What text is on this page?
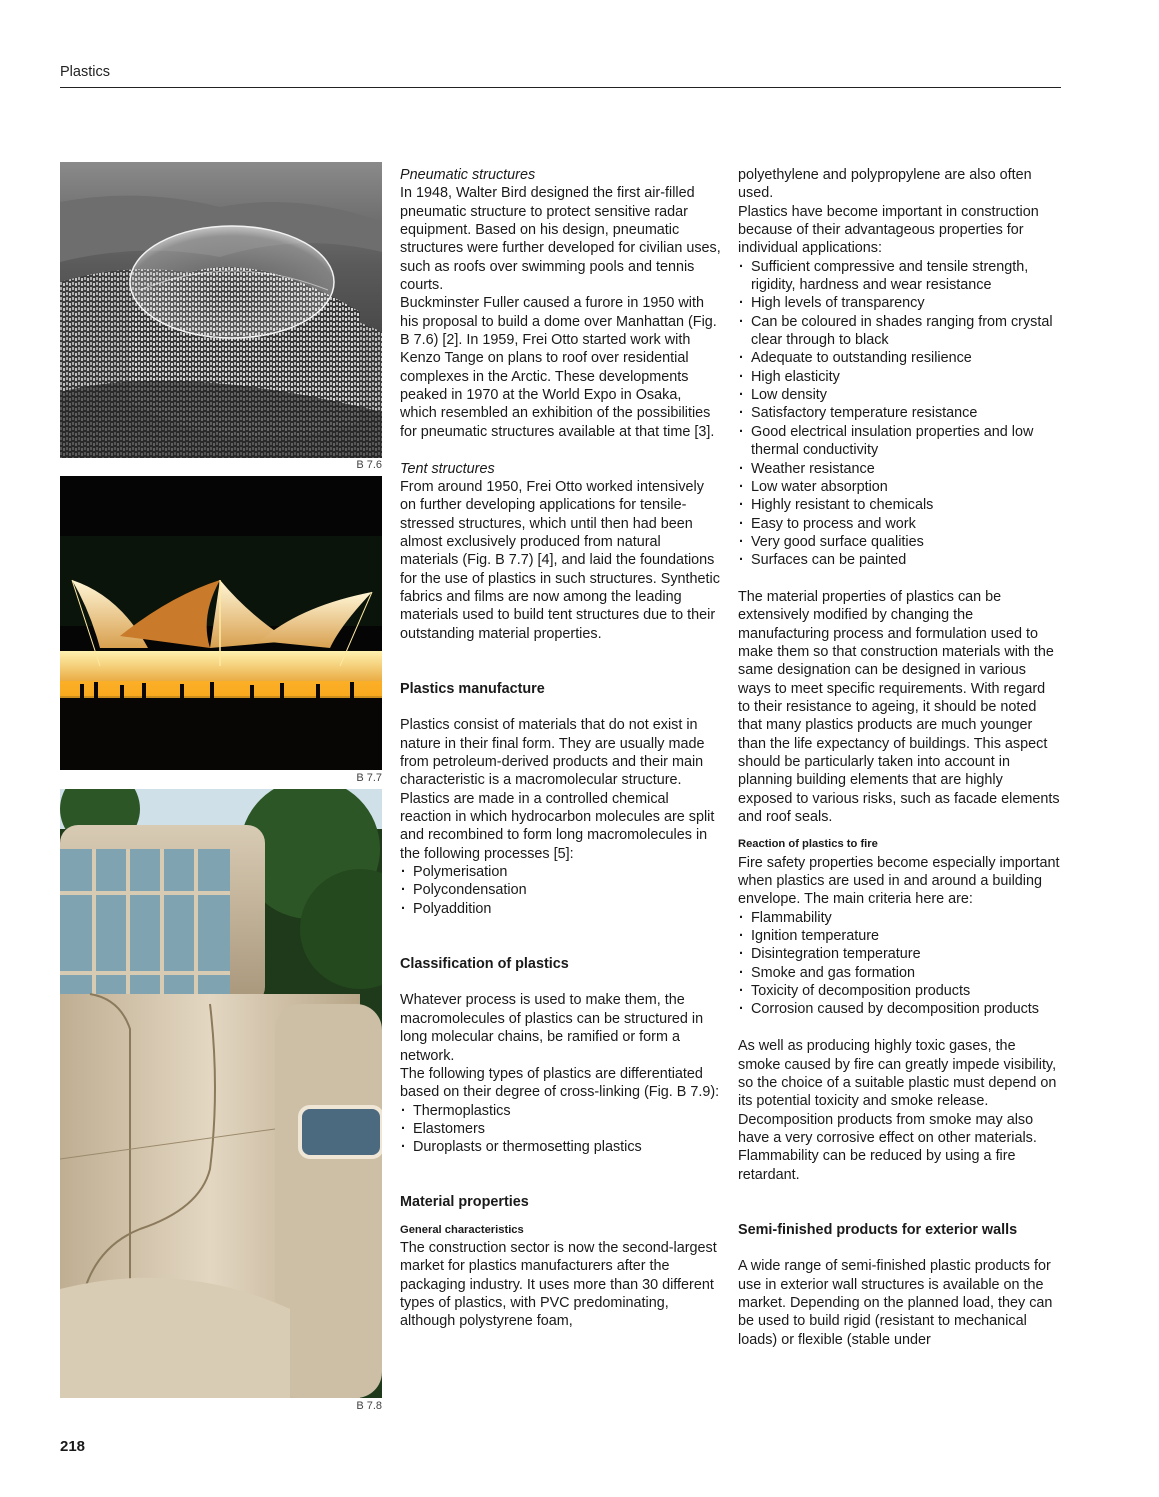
Plastics
B 7.6
B 7.7
B 7.8

Pneumatic structures

In 1948, Walter Bird designed the first air-filled pneumatic structure to protect sensitive radar equipment. Based on his design, pneumatic structures were further developed for civilian uses, such as roofs over swimming pools and tennis courts.

Buckminster Fuller caused a furore in 1950 with his proposal to build a dome over Manhattan (Fig. B 7.6) [2]. In 1959, Frei Otto started work with Kenzo Tange on plans to roof over residential complexes in the Arctic. These developments peaked in 1970 at the World Expo in Osaka, which resembled an exhibition of the possibilities for pneumatic structures available at that time [3].

Tent structures

From around 1950, Frei Otto worked intensively on further developing applications for tensile-stressed structures, which until then had been almost exclusively produced from natural materials (Fig. B 7.7) [4], and laid the foundations for the use of plastics in such structures. Synthetic fabrics and films are now among the leading materials used to build tent structures due to their outstanding material properties.

Plastics manufacture

Plastics consist of materials that do not exist in nature in their final form. They are usually made from petroleum-derived products and their main characteristic is a macromolecular structure. Plastics are made in a controlled chemical reaction in which hydrocarbon molecules are split and recombined to form long macromolecules in the following processes [5]:

· Polymerisation
· Polycondensation
· Polyaddition
Classification of plastics

Whatever process is used to make them, the macromolecules of plastics can be structured in long molecular chains, be ramified or form a network.

The following types of plastics are differentiated based on their degree of cross-linking (Fig. B 7.9):

· Thermoplastics
· Elastomers
· Duroplasts or thermosetting plastics
Material properties
General characteristics

The construction sector is now the second-largest market for plastics manufacturers after the packaging industry. It uses more than 30 different types of plastics, with PVC predominating, although polystyrene foam,

polyethylene and polypropylene are also often used.

Plastics have become important in construction because of their advantageous properties for individual applications:

· Sufficient compressive and tensile strength, rigidity, hardness and wear resistance
· High levels of transparency
· Can be coloured in shades ranging from crystal clear through to black
· Adequate to outstanding resilience
· High elasticity
· Low density
· Satisfactory temperature resistance
· Good electrical insulation properties and low thermal conductivity
· Weather resistance
· Low water absorption
· Highly resistant to chemicals
· Easy to process and work
· Very good surface qualities
· Surfaces can be painted

The material properties of plastics can be extensively modified by changing the manufacturing process and formulation used to make them so that construction materials with the same designation can be designed in various ways to meet specific requirements. With regard to their resistance to ageing, it should be noted that many plastics products are much younger than the life expectancy of buildings. This aspect should be particularly taken into account in planning building elements that are highly exposed to various risks, such as facade elements and roof seals.

Reaction of plastics to fire

Fire safety properties become especially important when plastics are used in and around a building envelope. The main criteria here are:

· Flammability
· Ignition temperature
· Disintegration temperature
· Smoke and gas formation
· Toxicity of decomposition products
· Corrosion caused by decomposition products

As well as producing highly toxic gases, the smoke caused by fire can greatly impede visibility, so the choice of a suitable plastic must depend on its potential toxicity and smoke release. Decomposition products from smoke may also have a very corrosive effect on other materials. Flammability can be reduced by using a fire retardant.

Semi-finished products for exterior walls

A wide range of semi-finished plastic products for use in exterior wall structures is available on the market. Depending on the planned load, they can be used to build rigid (resistant to mechanical loads) or flexible (stable under

218
